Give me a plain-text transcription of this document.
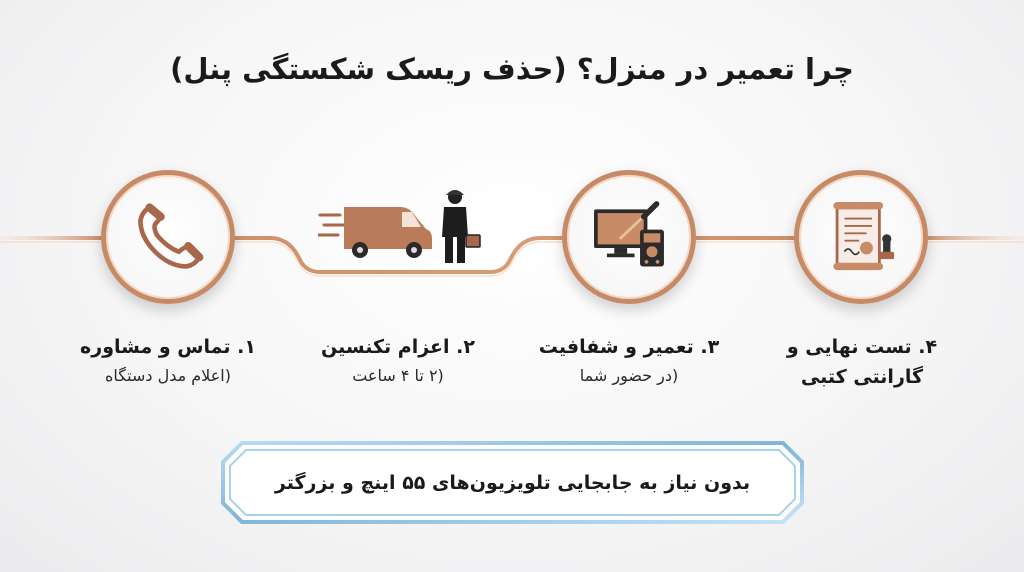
چرا تعمیر در منزل؟ (حذف ریسک شکستگی پنل)
۱. تماس و مشاوره
(اعلام مدل دستگاه
۲. اعزام تکنسین
(۲ تا ۴ ساعت
۳. تعمیر و شفافیت
(در حضور شما
۴. تست نهایی و
گارانتی کتبی
بدون نیاز به جابجایی تلویزیون‌های ۵۵ اینچ و بزرگتر
